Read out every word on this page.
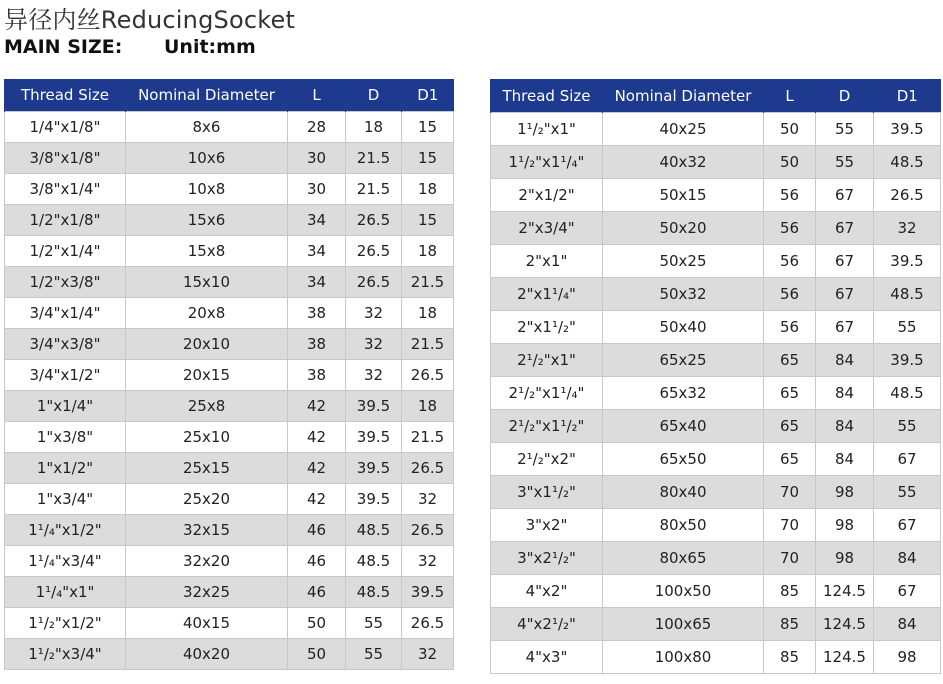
异径内丝ReducingSocket
MAIN SIZE: Unit:mm
Thread Size	Nominal Diameter	L	D	D1
1/4"x1/8"	8x6	28	18	15
3/8"x1/8"	10x6	30	21.5	15
3/8"x1/4"	10x8	30	21.5	18
1/2"x1/8"	15x6	34	26.5	15
1/2"x1/4"	15x8	34	26.5	18
1/2"x3/8"	15x10	34	26.5	21.5
3/4"x1/4"	20x8	38	32	18
3/4"x3/8"	20x10	38	32	21.5
3/4"x1/2"	20x15	38	32	26.5
1"x1/4"	25x8	42	39.5	18
1"x3/8"	25x10	42	39.5	21.5
1"x1/2"	25x15	42	39.5	26.5
1"x3/4"	25x20	42	39.5	32
1¹/₄"x1/2"	32x15	46	48.5	26.5
1¹/₄"x3/4"	32x20	46	48.5	32
1¹/₄"x1"	32x25	46	48.5	39.5
1¹/₂"x1/2"	40x15	50	55	26.5
1¹/₂"x3/4"	40x20	50	55	32
Thread Size	Nominal Diameter	L	D	D1
1¹/₂"x1"	40x25	50	55	39.5
1¹/₂"x1¹/₄"	40x32	50	55	48.5
2"x1/2"	50x15	56	67	26.5
2"x3/4"	50x20	56	67	32
2"x1"	50x25	56	67	39.5
2"x1¹/₄"	50x32	56	67	48.5
2"x1¹/₂"	50x40	56	67	55
2¹/₂"x1"	65x25	65	84	39.5
2¹/₂"x1¹/₄"	65x32	65	84	48.5
2¹/₂"x1¹/₂"	65x40	65	84	55
2¹/₂"x2"	65x50	65	84	67
3"x1¹/₂"	80x40	70	98	55
3"x2"	80x50	70	98	67
3"x2¹/₂"	80x65	70	98	84
4"x2"	100x50	85	124.5	67
4"x2¹/₂"	100x65	85	124.5	84
4"x3"	100x80	85	124.5	98
